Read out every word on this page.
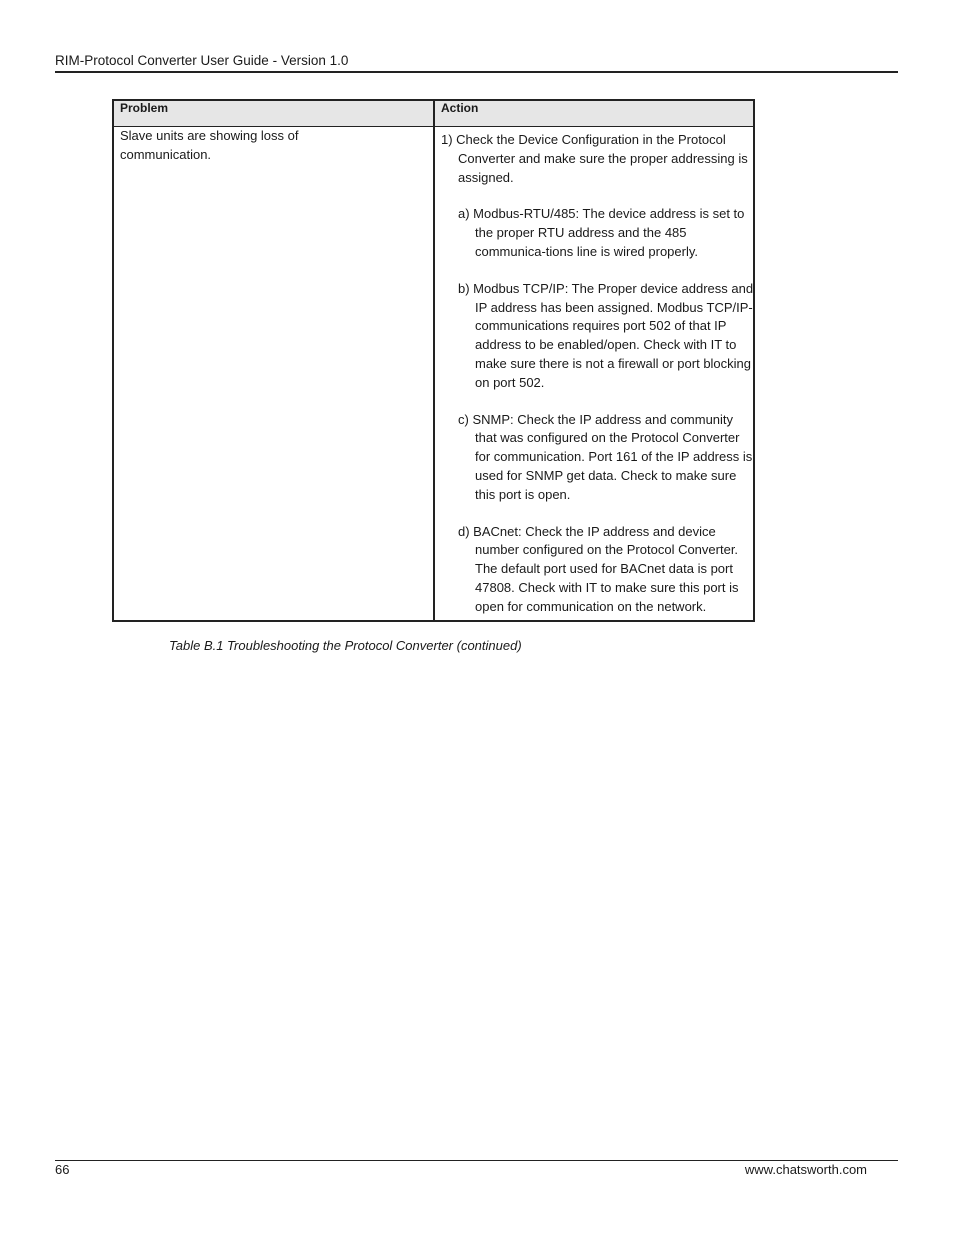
RIM-Protocol Converter User Guide - Version 1.0
Problem	Action
Slave units are showing loss of communication.
1) Check the Device Configuration in the Protocol Converter and make sure the proper addressing is assigned.
a) Modbus-RTU/485: The device address is set to the proper RTU address and the 485 communica-tions line is wired properly.
b) Modbus TCP/IP: The Proper device address and IP address has been assigned. Modbus TCP/IP-communications requires port 502 of that IP address to be enabled/open. Check with IT to make sure there is not a firewall or port blocking on port 502.
c) SNMP: Check the IP address and community that was configured on the Protocol Converter for communication. Port 161 of the IP address is used for SNMP get data. Check to make sure this port is open.
d) BACnet: Check the IP address and device number configured on the Protocol Converter. The default port used for BACnet data is port 47808. Check with IT to make sure this port is open for communication on the network.
Table B.1 Troubleshooting the Protocol Converter (continued)
66	www.chatsworth.com
